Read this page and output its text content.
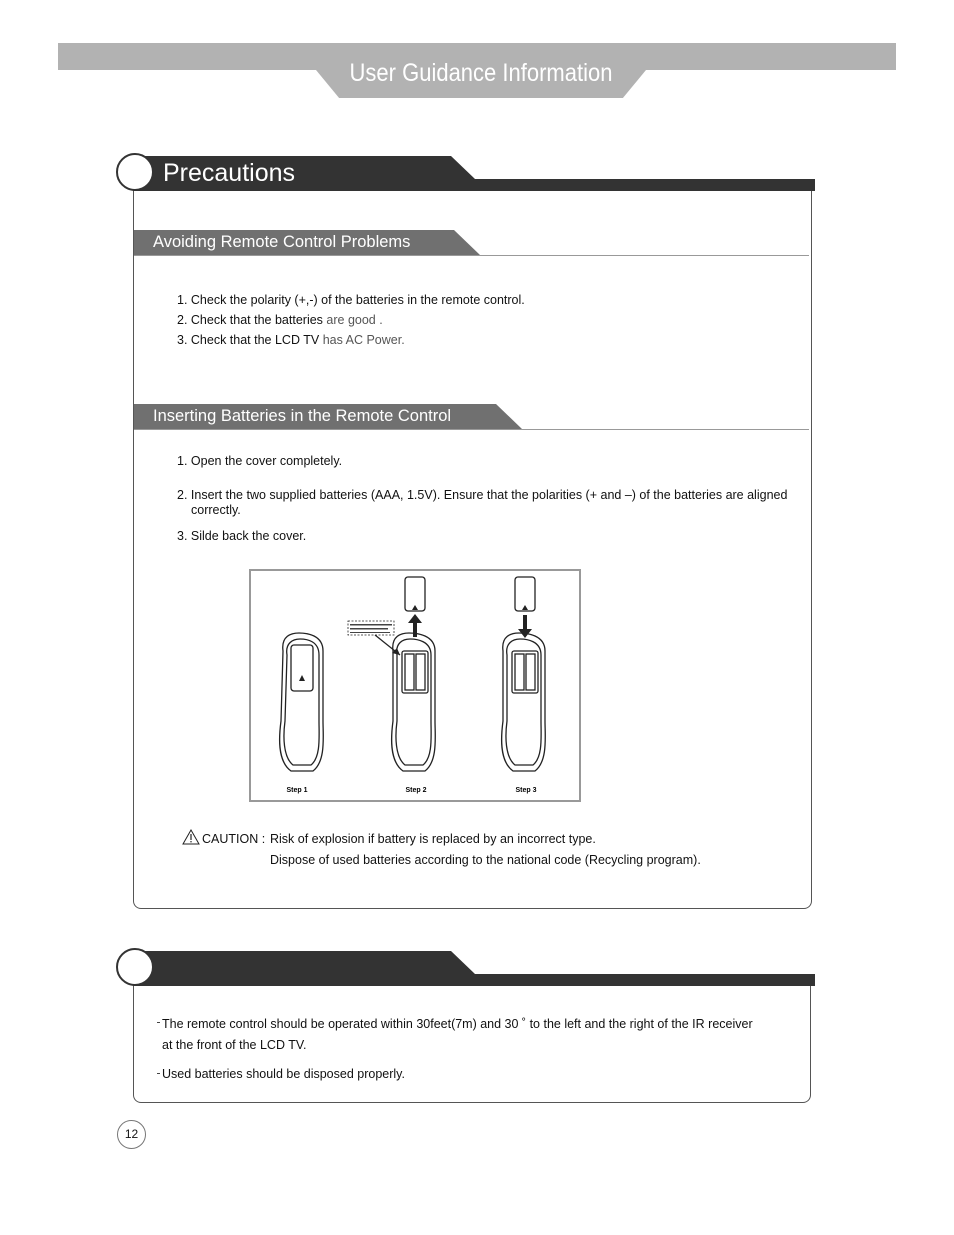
User Guidance Information
Precautions
Avoiding Remote Control Problems
1. Check the polarity (+,-) of the batteries in the remote control.
2. Check that the batteries are good .
3. Check that the LCD TV has AC Power.
Inserting Batteries in the Remote Control
1. Open the cover completely.
2. Insert the two supplied batteries (AAA, 1.5V). Ensure that the polarities (+ and –) of the batteries are aligned
correctly.
3. Silde back the cover.
Step 1	Step 2	Step 3
CAUTION : Risk of explosion if battery is replaced by an incorrect type.
Dispose of used batteries according to the national code (Recycling program).
The remote control should be operated within 30feet(7m) and 30 ˚ to the left and the right of the IR receiver
at the front of the LCD TV.
Used batteries should be disposed properly.
12
